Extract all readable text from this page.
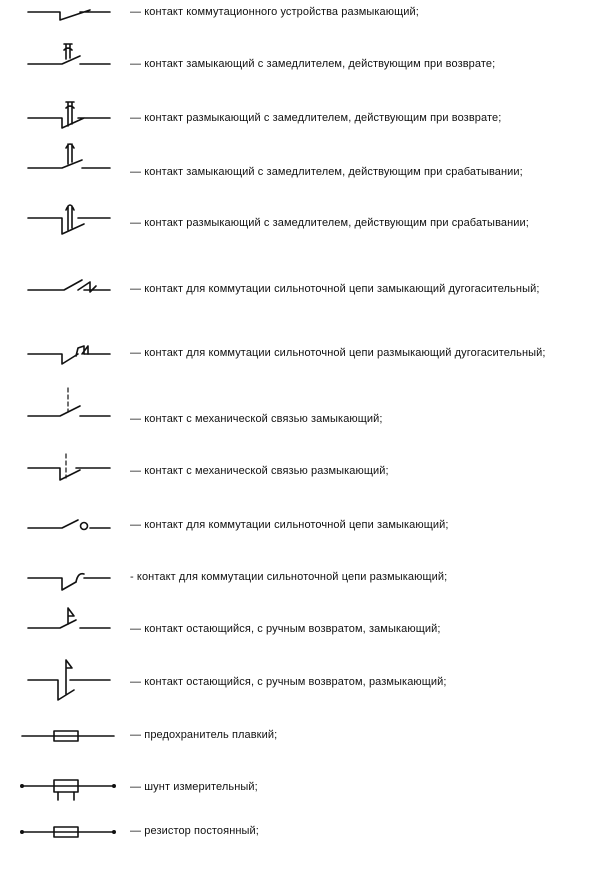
— контакт коммутационного устройства размыкающий;
— контакт замыкающий с замедлителем, действующим при возврате;
— контакт размыкающий с замедлителем, действующим при возврате;
— контакт замыкающий с замедлителем, действующим при срабатывании;
— контакт размыкающий с замедлителем, действующим при срабатывании;
— контакт для коммутации сильноточной цепи замыкающий дугогасительный;
— контакт для коммутации сильноточной цепи размыкающий дугогасительный;
— контакт с механической связью замыкающий;
— контакт с механической связью размыкающий;
— контакт для коммутации сильноточной цепи замыкающий;
- контакт для коммутации сильноточной цепи размыкающий;
— контакт остающийся, с ручным возвратом, замыкающий;
— контакт остающийся, с ручным возвратом, размыкающий;
— предохранитель плавкий;
— шунт измерительный;
— резистор постоянный;
